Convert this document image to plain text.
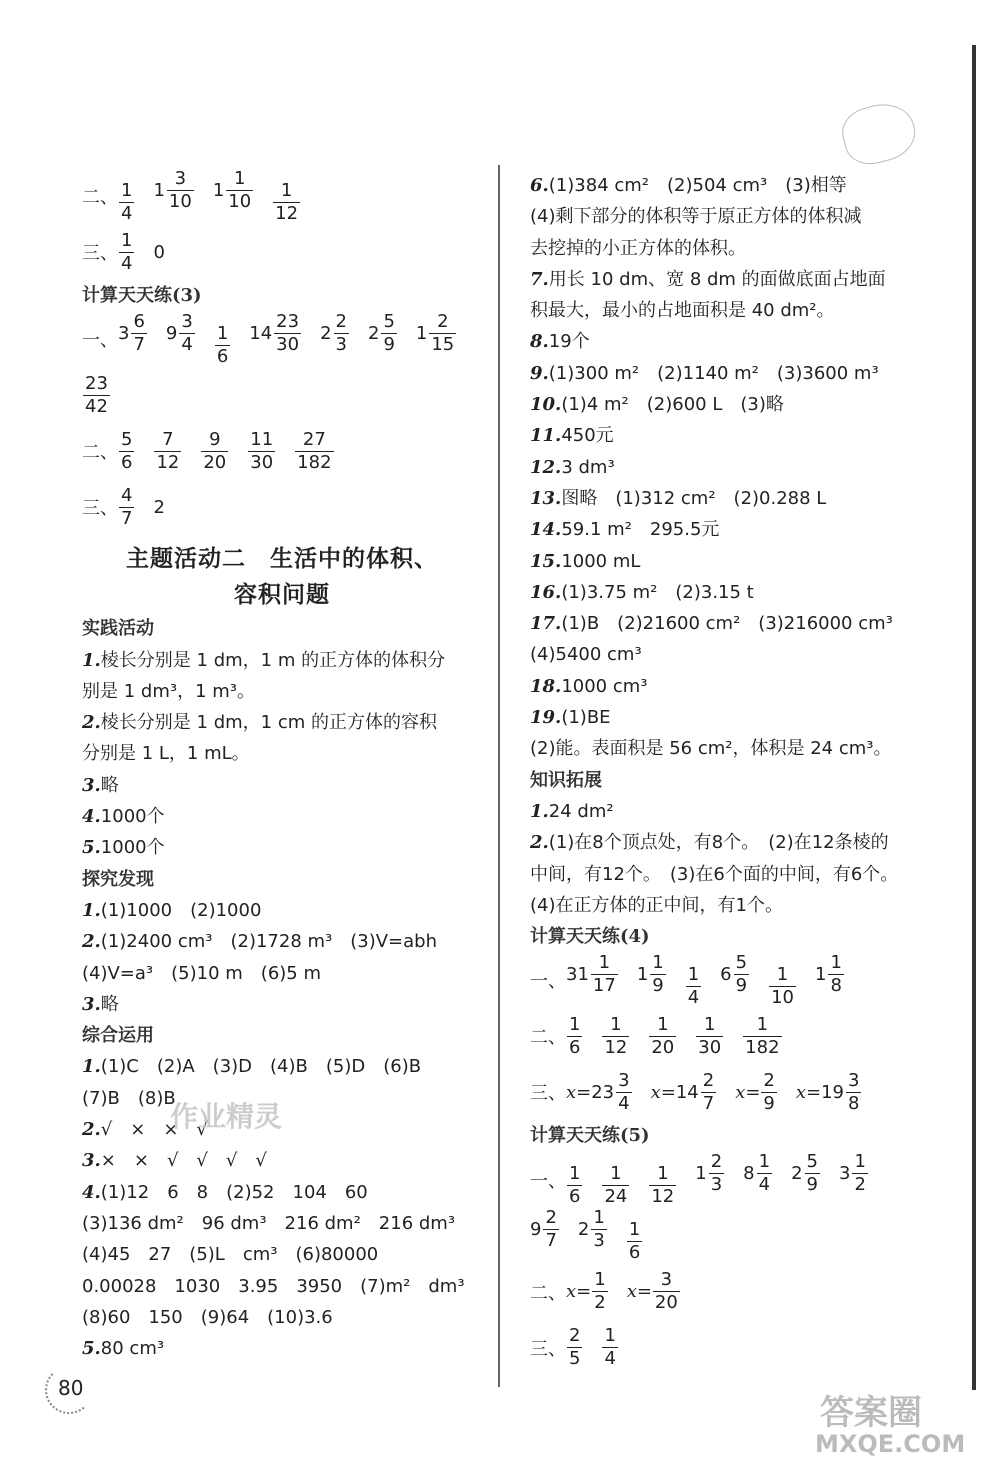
二、 $\frac{1}{4} 1 \frac{3}{10} 1 \frac{1}{10} \frac{1}{12}$
三、 $\frac{1}{4} 0$
计算天天练(3)
一、 $3 \frac{6}{7} 9 \frac{3}{4} \frac{1}{6} 14 \frac{23}{30} 2 \frac{2}{3} 2 \frac{5}{9} 1 \frac{2}{15}$
$\frac{23}{42}$
二、 $\frac{5}{6} \frac{7}{12} \frac{9}{20} \frac{11}{30} \frac{27}{182}$
三、 $\frac{4}{7} 2$
主题活动二　生活中的体积、
容积问题
实践活动
1.棱长分别是 1 dm，1 m 的正方体的体积分
别是 1 dm³，1 m³。
2.棱长分别是 1 dm，1 cm 的正方体的容积
分别是 1 L，1 mL。
3.略
4.1000个
5.1000个
探究发现
1.(1)1000　(2)1000
2.(1)2400 cm³　(2)1728 m³　(3)V=abh
(4)V=a³　(5)10 m　(6)5 m
3.略
综合运用
1.(1)C　(2)A　(3)D　(4)B　(5)D　(6)B
(7)B　(8)B
2.√　×　×　√
3.×　×　√　√　√　√
4.(1)12　6　8　(2)52　104　60
(3)136 dm²　96 dm³　216 dm²　216 dm³
(4)45　27　(5)L　cm³　(6)80000
0.00028　1030　3.95　3950　(7)m²　dm³
(8)60　150　(9)64　(10)3.6
5.80 cm³
6.(1)384 cm²　(2)504 cm³　(3)相等
(4)剩下部分的体积等于原正方体的体积减
去挖掉的小正方体的体积。
7.用长 10 dm、宽 8 dm 的面做底面占地面
积最大，最小的占地面积是 40 dm²。
8.19个
9.(1)300 m²　(2)1140 m²　(3)3600 m³
10.(1)4 m²　(2)600 L　(3)略
11.450元
12.3 dm³
13.图略　(1)312 cm²　(2)0.288 L
14.59.1 m²　295.5元
15.1000 mL
16.(1)3.75 m²　(2)3.15 t
17.(1)B　(2)21600 cm²　(3)216000 cm³
(4)5400 cm³
18.1000 cm³
19.(1)BE
(2)能。表面积是 56 cm²，体积是 24 cm³。
知识拓展
1.24 dm²
2.(1)在8个顶点处，有8个。　(2)在12条棱的
中间，有12个。　(3)在6个面的中间，有6个。
(4)在正方体的正中间，有1个。
计算天天练(4)
一、 $31 \frac{1}{17} 1 \frac{1}{9} \frac{1}{4} 6 \frac{5}{9} \frac{1}{10} 1 \frac{1}{8}$
二、 $\frac{1}{6} \frac{1}{12} \frac{1}{20} \frac{1}{30} \frac{1}{182}$
三、 $x= 23 \frac{3}{4} x= 14 \frac{2}{7} x= \frac{2}{9} x= 19 \frac{3}{8}$
计算天天练(5)
一、 $\frac{1}{6} \frac{1}{24} \frac{1}{12} 1 \frac{2}{3} 8 \frac{1}{4} 2 \frac{5}{9} 3 \frac{1}{2}$
$9 \frac{2}{7} 2 \frac{1}{3} \frac{1}{6}$
二、 $x= \frac{1}{2} x= \frac{3}{20}$
三、 $\frac{2}{5} \frac{1}{4}$
作业精灵
答案圈
MXQE.COM
80
